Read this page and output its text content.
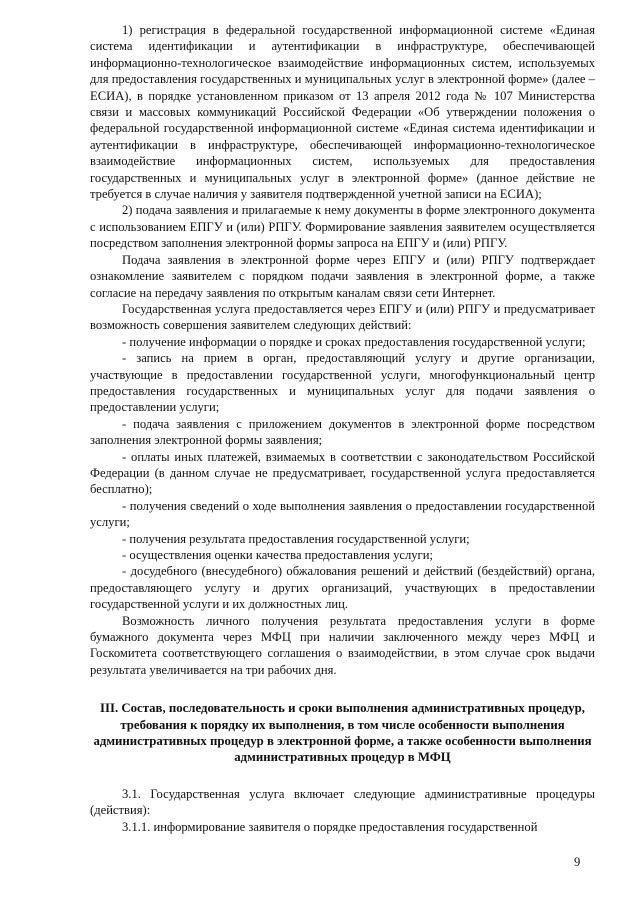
1) регистрация в федеральной государственной информационной системе «Единая система идентификации и аутентификации в инфраструктуре, обеспечивающей информационно-технологическое взаимодействие информационных систем, используемых для предоставления государственных и муниципальных услуг в электронной форме» (далее – ЕСИА), в порядке установленном приказом от 13 апреля 2012 года № 107 Министерства связи и массовых коммуникаций Российской Федерации «Об утверждении положения о федеральной государственной информационной системе «Единая система идентификации и аутентификации в инфраструктуре, обеспечивающей информационно-технологическое взаимодействие информационных систем, используемых для предоставления государственных и муниципальных услуг в электронной форме» (данное действие не требуется в случае наличия у заявителя подтвержденной учетной записи на ЕСИА);

2) подача заявления и прилагаемые к нему документы в форме электронного документа с использованием ЕПГУ и (или) РПГУ. Формирование заявления заявителем осуществляется посредством заполнения электронной формы запроса на ЕПГУ и (или) РПГУ.

Подача заявления в электронной форме через ЕПГУ и (или) РПГУ подтверждает ознакомление заявителем с порядком подачи заявления в электронной форме, а также согласие на передачу заявления по открытым каналам связи сети Интернет.

Государственная услуга предоставляется через ЕПГУ и (или) РПГУ и предусматривает возможность совершения заявителем следующих действий:

- получение информации о порядке и сроках предоставления государственной услуги;

- запись на прием в орган, предоставляющий услугу и другие организации, участвующие в предоставлении государственной услуги, многофункциональный центр предоставления государственных и муниципальных услуг для подачи заявления о предоставлении услуги;

- подача заявления с приложением документов в электронной форме посредством заполнения электронной формы заявления;

- оплаты иных платежей, взимаемых в соответствии с законодательством Российской Федерации (в данном случае не предусматривает, государственной услуга предоставляется бесплатно);

- получения сведений о ходе выполнения заявления о предоставлении государственной услуги;

- получения результата предоставления государственной услуги;

- осуществления оценки качества предоставления услуги;

- досудебного (внесудебного) обжалования решений и действий (бездействий) органа, предоставляющего услугу и других организаций, участвующих в предоставлении государственной услуги и их должностных лиц.

Возможность личного получения результата предоставления услуги в форме бумажного документа через МФЦ при наличии заключенного между через МФЦ и Госкомитета соответствующего соглашения о взаимодействии, в этом случае срок выдачи результата увеличивается на три рабочих дня.

III. Состав, последовательность и сроки выполнения административных процедур, требования к порядку их выполнения, в том числе особенности выполнения административных процедур в электронной форме, а также особенности выполнения административных процедур в МФЦ

3.1. Государственная услуга включает следующие административные процедуры (действия):

3.1.1. информирование заявителя о порядке предоставления государственной

9
